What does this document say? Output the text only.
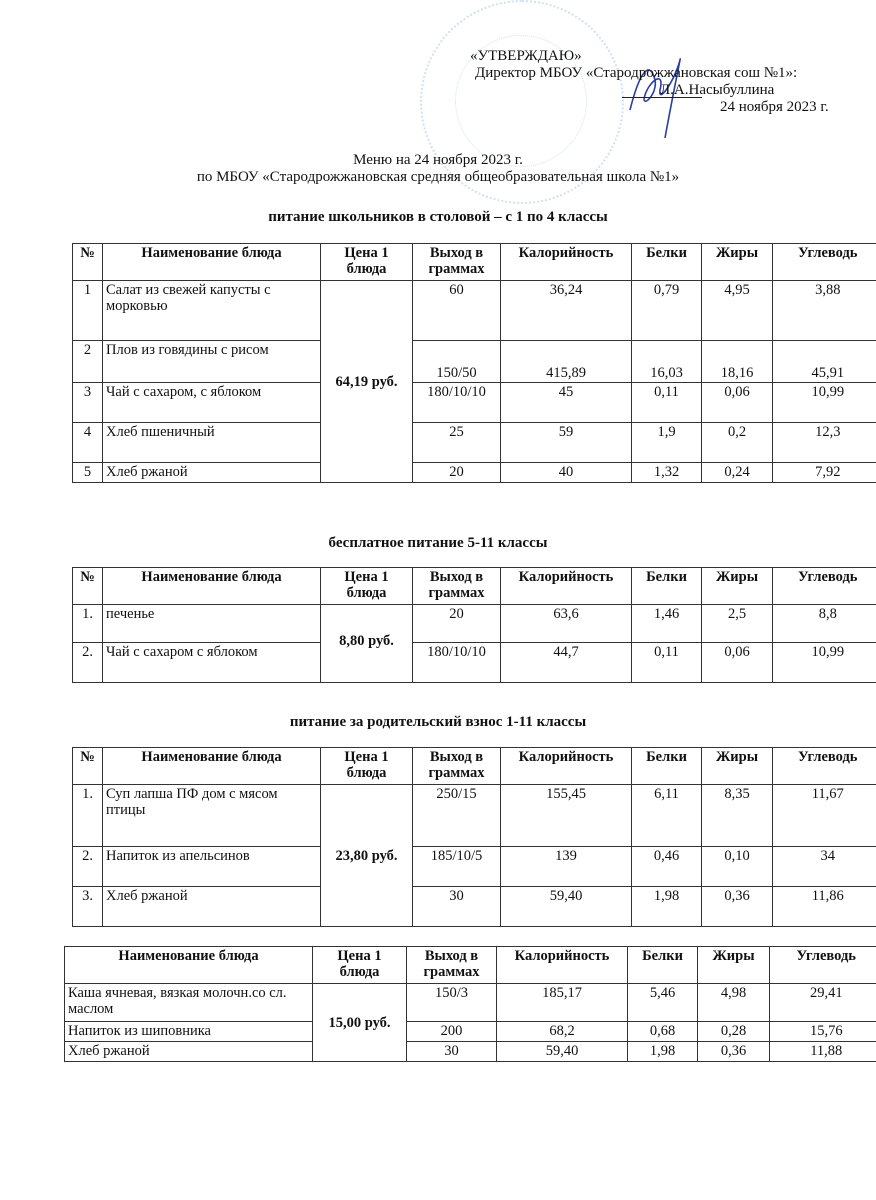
«УТВЕРЖДАЮ»
Директор МБОУ «Стародрожжановская сош №1»:
Л.А.Насыбуллина
24 ноября 2023 г.
Меню на 24 ноября 2023 г.
по МБОУ «Стародрожжановская средняя общеобразовательная школа №1»
питание школьников в столовой – с 1 по 4 классы
№	Наименование блюда	Цена 1 блюда	Выход в граммах	Калорийность	Белки	Жиры	Углеводь
1	Салат из свежей капусты с морковью	64,19 руб.	60	36,24	0,79	4,95	3,88
2	Плов из говядины с рисом		150/50	415,89	16,03	18,16	45,91
3	Чай с сахаром, с яблоком		180/10/10	45	0,11	0,06	10,99
4	Хлеб пшеничный		25	59	1,9	0,2	12,3
5	Хлеб ржаной		20	40	1,32	0,24	7,92
бесплатное питание 5-11 классы
№	Наименование блюда	Цена 1 блюда	Выход в граммах	Калорийность	Белки	Жиры	Углеводь
1.	печенье	8,80 руб.	20	63,6	1,46	2,5	8,8
2.	Чай с сахаром с яблоком		180/10/10	44,7	0,11	0,06	10,99
питание за родительский взнос 1-11 классы
№	Наименование блюда	Цена 1 блюда	Выход в граммах	Калорийность	Белки	Жиры	Углеводь
1.	Суп лапша ПФ дом с мясом птицы	23,80 руб.	250/15	155,45	6,11	8,35	11,67
2.	Напиток из апельсинов		185/10/5	139	0,46	0,10	34
3.	Хлеб ржаной		30	59,40	1,98	0,36	11,86
Наименование блюда	Цена 1 блюда	Выход в граммах	Калорийность	Белки	Жиры	Углеводь
Каша ячневая, вязкая молочн.со сл. маслом	15,00 руб.	150/3	185,17	5,46	4,98	29,41
Напиток из шиповника		200	68,2	0,68	0,28	15,76
Хлеб ржаной		30	59,40	1,98	0,36	11,88
